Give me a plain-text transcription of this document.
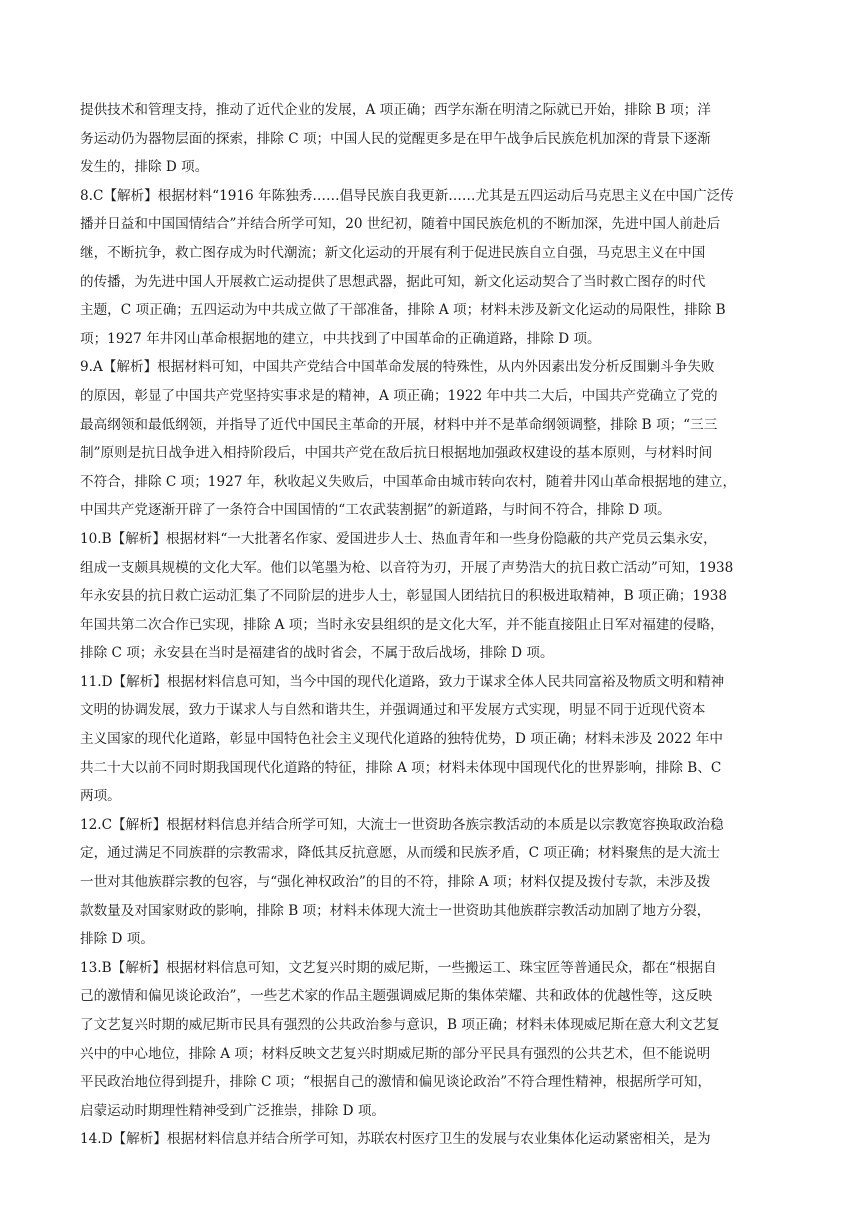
提供技术和管理支持，推动了近代企业的发展，A 项正确；西学东渐在明清之际就已开始，排除 B 项；洋
务运动仍为器物层面的探索，排除 C 项；中国人民的觉醒更多是在甲午战争后民族危机加深的背景下逐渐
发生的，排除 D 项。
8.C【解析】根据材料“1916 年陈独秀……倡导民族自我更新……尤其是五四运动后马克思主义在中国广泛传
播并日益和中国国情结合”并结合所学可知，20 世纪初，随着中国民族危机的不断加深，先进中国人前赴后
继，不断抗争，救亡图存成为时代潮流；新文化运动的开展有利于促进民族自立自强，马克思主义在中国
的传播，为先进中国人开展救亡运动提供了思想武器，据此可知，新文化运动契合了当时救亡图存的时代
主题，C 项正确；五四运动为中共成立做了干部准备，排除 A 项；材料未涉及新文化运动的局限性，排除 B
项；1927 年井冈山革命根据地的建立，中共找到了中国革命的正确道路，排除 D 项。
9.A【解析】根据材料可知，中国共产党结合中国革命发展的特殊性，从内外因素出发分析反围剿斗争失败
的原因，彰显了中国共产党坚持实事求是的精神，A 项正确；1922 年中共二大后，中国共产党确立了党的
最高纲领和最低纲领，并指导了近代中国民主革命的开展，材料中并不是革命纲领调整，排除 B 项；“三三
制”原则是抗日战争进入相持阶段后，中国共产党在敌后抗日根据地加强政权建设的基本原则，与材料时间
不符合，排除 C 项；1927 年，秋收起义失败后，中国革命由城市转向农村，随着井冈山革命根据地的建立，
中国共产党逐渐开辟了一条符合中国国情的“工农武装割据”的新道路，与时间不符合，排除 D 项。
10.B【解析】根据材料“一大批著名作家、爱国进步人士、热血青年和一些身份隐蔽的共产党员云集永安，
组成一支颇具规模的文化大军。他们以笔墨为枪、以音符为刃，开展了声势浩大的抗日救亡活动”可知，1938
年永安县的抗日救亡运动汇集了不同阶层的进步人士，彰显国人团结抗日的积极进取精神，B 项正确；1938
年国共第二次合作已实现，排除 A 项；当时永安县组织的是文化大军，并不能直接阻止日军对福建的侵略，
排除 C 项；永安县在当时是福建省的战时省会，不属于敌后战场，排除 D 项。
11.D【解析】根据材料信息可知，当今中国的现代化道路，致力于谋求全体人民共同富裕及物质文明和精神
文明的协调发展，致力于谋求人与自然和谐共生，并强调通过和平发展方式实现，明显不同于近现代资本
主义国家的现代化道路，彰显中国特色社会主义现代化道路的独特优势，D 项正确；材料未涉及 2022 年中
共二十大以前不同时期我国现代化道路的特征，排除 A 项；材料未体现中国现代化的世界影响，排除 B、C
两项。
12.C【解析】根据材料信息并结合所学可知，大流士一世资助各族宗教活动的本质是以宗教宽容换取政治稳
定，通过满足不同族群的宗教需求，降低其反抗意愿，从而缓和民族矛盾，C 项正确；材料聚焦的是大流士
一世对其他族群宗教的包容，与“强化神权政治”的目的不符，排除 A 项；材料仅提及拨付专款，未涉及拨
款数量及对国家财政的影响，排除 B 项；材料未体现大流士一世资助其他族群宗教活动加剧了地方分裂，
排除 D 项。
13.B【解析】根据材料信息可知，文艺复兴时期的威尼斯，一些搬运工、珠宝匠等普通民众，都在“根据自
己的激情和偏见谈论政治”，一些艺术家的作品主题强调威尼斯的集体荣耀、共和政体的优越性等，这反映
了文艺复兴时期的威尼斯市民具有强烈的公共政治参与意识，B 项正确；材料未体现威尼斯在意大利文艺复
兴中的中心地位，排除 A 项；材料反映文艺复兴时期威尼斯的部分平民具有强烈的公共艺术，但不能说明
平民政治地位得到提升，排除 C 项；“根据自己的激情和偏见谈论政治”不符合理性精神，根据所学可知，
启蒙运动时期理性精神受到广泛推崇，排除 D 项。
14.D【解析】根据材料信息并结合所学可知，苏联农村医疗卫生的发展与农业集体化运动紧密相关，是为
